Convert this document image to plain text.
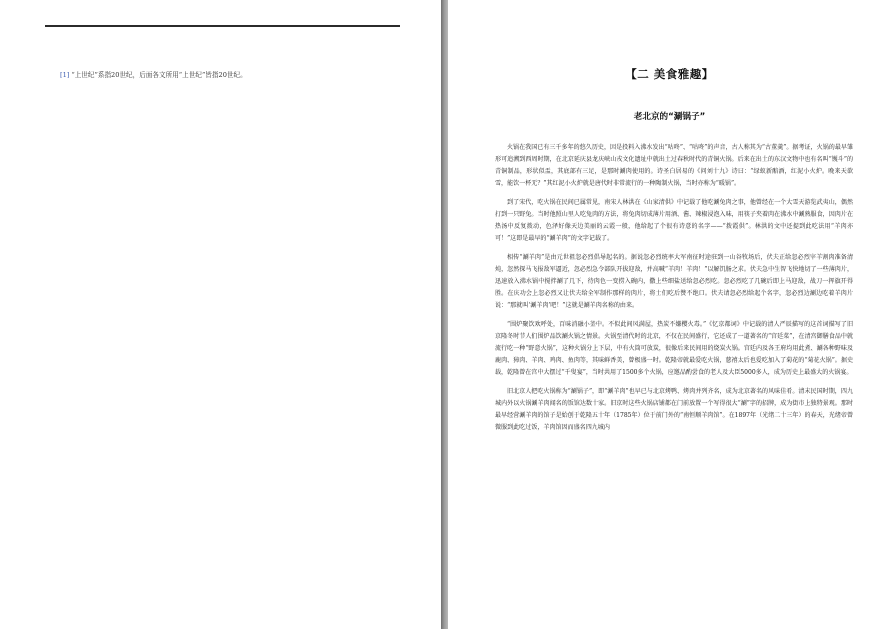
[1] “上世纪”系指20世纪，后面各文所用“上世纪”皆指20世纪。	【二 美食雅趣】
老北京的“涮锅子”

火锅在我国已有三千多年的悠久历史，因是投料入沸水发出“咕咚”、“咕咚”的声音，古人称其为“古董羹”。据考证，火锅的最早雏形可追溯到西周时期，在北京延庆县龙庆峡山戎文化遗址中就出土过春秋时代的青铜火锅。后来在出土的东汉文物中也有名叫“镬斗”的青铜制品，形状似盂，其底部有三足，是那时涮肉使用的。诗圣白居易的《问刘十九》诗曰：“绿蚁新醅酒，红泥小火炉。晚来天欲雪，能饮一杯无？”其红泥小火炉就是唐代时非常流行的一种陶制火锅，当时亦称为“暖锅”。

到了宋代，吃火锅在民间已属常见，南宋人林洪在《山家清供》中记载了他吃涮兔肉之事，他曾经在一个大雪天游览武夷山，偶然打到一只野兔。当时他照山里人吃兔肉的方法，将兔肉切成薄片用酒、酱、辣椒浸泡入味，用筷子夹着肉在沸水中涮熟服食，因肉片在热汤中反复拨动，色泽好像天边美丽的云霞一般，他给起了个很有诗意的名字——“拨霞供”。林洪的文中还提到此吃法用“羊肉亦可！”这即是最早的“涮羊肉”的文字记载了。

相传“涮羊肉”是由元世祖忽必烈倡导起名的。据说忽必烈统率大军南征时途驻到一山谷牧场后，伏夫正给忽必烈宰羊割肉准备清炖，忽然探马飞报敌军逼近，忽必烈急令部队开拔迎敌，并高喊“羊肉！羊肉！”以解饥肠之求。伏夫急中生智飞快地切了一些薄肉片，迅速放入沸水锅中搅拌涮了几下，待肉色一变捞入碗内，撒上些细盐送给忽必烈吃。忽必烈吃了几碗后即上马迎敌，战刀一挥旗开得胜。在庆功会上忽必烈又让伏夫给全军制作那样的肉片，将士们吃后赞不绝口。伏夫请忽必烈给起个名字，忽必烈边涮边吃着羊肉片说：“那就叫‘涮羊肉’吧！”这就是涮羊肉名称的由来。

“围炉聚饮欢呼处，百味消融小釜中。不似此间风满屋，热炭不嫌樱火毒。”《忆京都词》中记载的清人严辰描写的这首词描写了旧京隆冬时节人们围炉品饮涮火锅之情景。火锅至清代时的北京，不仅在民间盛行，它还成了一道著名的“宫廷菜”，在清宫御膳食品中就流行吃一种“野意火锅”，这种火锅分上下层，中有火筒可放炭，很像后来民间用的烧炭火锅。宫廷内及各王府均用此煮、涮各种野味及鹿肉、獐肉、羊肉、鸡肉、鱼肉等，其味鲜香美，曾极盛一时。乾隆帝就最爱吃火锅，慈禧太后也爱吃加入了菊花的“菊花火锅”。据史载，乾隆曾在宫中大摆过“千叟宴”，当时共用了1500多个火锅，应邀品酌尝食的老人及大臣5000多人，成为历史上最盛大的火锅宴。

旧北京人把吃火锅称为“涮锅子”，即“涮羊肉”也早已与北京烤鸭、烤肉并列齐名，成为北京著名的风味佳肴。清末民国时期，四九城内外以火锅涮羊肉闻名的饭馆达数十家。旧京时这些火锅店铺都在门前放置一个写得很大“涮”字的招牌，成为街市上独特景观。那时最早经营涮羊肉的馆子是始创于乾隆五十年（1785年）位于前门外的“南恒顺羊肉馆”。在1897年（光绪二十三年）的春天，光绪帝曾微服到此吃过饭，羊肉馆因而盛名四九城内
